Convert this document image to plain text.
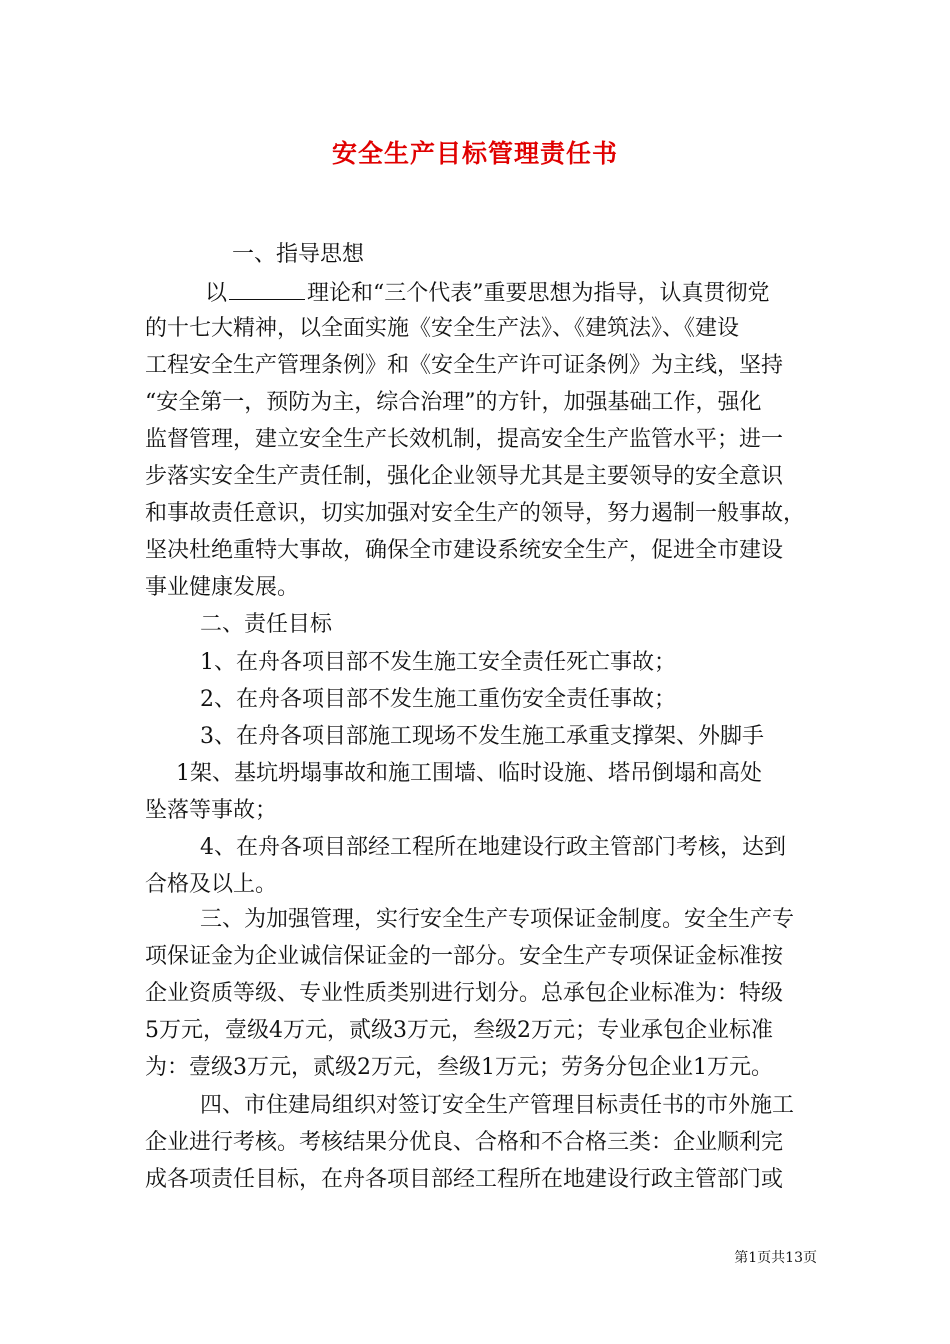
安全生产目标管理责任书
一、指导思想
以	理论和“三个代表”重要思想为指导，认真贯彻党
的十七大精神，以全面实施《安全生产法》、《建筑法》、《建设
工程安全生产管理条例》和《安全生产许可证条例》为主线，坚持
“安全第一，预防为主，综合治理”的方针，加强基础工作，强化
监督管理，建立安全生产长效机制，提高安全生产监管水平；进一
步落实安全生产责任制，强化企业领导尤其是主要领导的安全意识
和事故责任意识，切实加强对安全生产的领导，努力遏制一般事故，
坚决杜绝重特大事故，确保全市建设系统安全生产，促进全市建设
事业健康发展。
二、责任目标
1、在舟各项目部不发生施工安全责任死亡事故；
2、在舟各项目部不发生施工重伤安全责任事故；
3、在舟各项目部施工现场不发生施工承重支撑架、外脚手
1架、基坑坍塌事故和施工围墙、临时设施、塔吊倒塌和高处
坠落等事故；
4、在舟各项目部经工程所在地建设行政主管部门考核，达到
合格及以上。
三、为加强管理，实行安全生产专项保证金制度。安全生产专
项保证金为企业诚信保证金的一部分。安全生产专项保证金标准按
企业资质等级、专业性质类别进行划分。总承包企业标准为：特级
5万元，壹级4万元，贰级3万元，叁级2万元；专业承包企业标准
为：壹级3万元，贰级2万元，叁级1万元；劳务分包企业1万元。
四、市住建局组织对签订安全生产管理目标责任书的市外施工
企业进行考核。考核结果分优良、合格和不合格三类：企业顺利完
成各项责任目标，在舟各项目部经工程所在地建设行政主管部门或
第1页共13页
